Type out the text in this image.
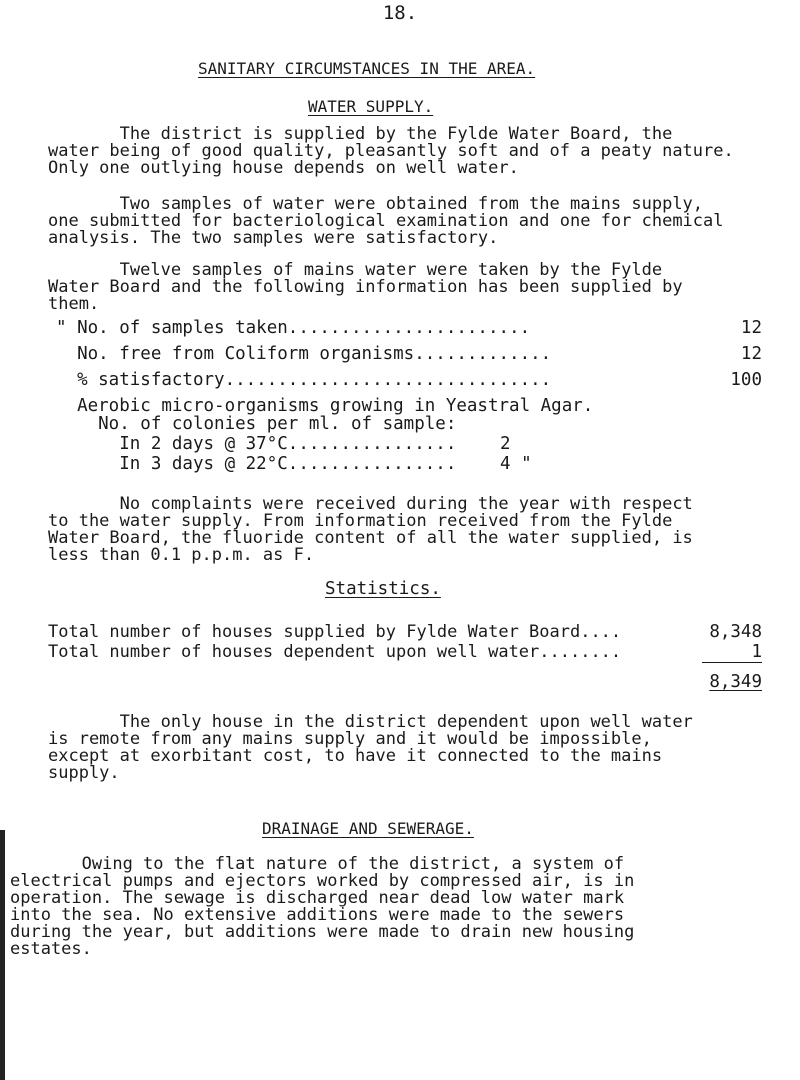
18.
SANITARY CIRCUMSTANCES IN THE AREA.
WATER SUPPLY.

The district is supplied by the Fylde Water Board, the
water being of good quality, pleasantly soft and of a peaty nature.
Only one outlying house depends on well water.

Two samples of water were obtained from the mains supply,
one submitted for bacteriological examination and one for chemical
analysis. The two samples were satisfactory.

Twelve samples of mains water were taken by the Fylde
Water Board and the following information has been supplied by
them.

" No. of samples taken.......................	12
No. free from Coliform organisms.............	12
% satisfactory...............................	100
Aerobic micro-organisms growing in Yeastral Agar.
No. of colonies per ml. of sample:
In 2 days @ 37°C................ 2
In 3 days @ 22°C................ 4 "

No complaints were received during the year with respect
to the water supply. From information received from the Fylde
Water Board, the fluoride content of all the water supplied, is
less than 0.1 p.p.m. as F.

Statistics.
Total number of houses supplied by Fylde Water Board....	8,348
Total number of houses dependent upon well water........	1
8,349

The only house in the district dependent upon well water
is remote from any mains supply and it would be impossible,
except at exorbitant cost, to have it connected to the mains
supply.

DRAINAGE AND SEWERAGE.

Owing to the flat nature of the district, a system of
electrical pumps and ejectors worked by compressed air, is in
operation. The sewage is discharged near dead low water mark
into the sea. No extensive additions were made to the sewers
during the year, but additions were made to drain new housing
estates.
